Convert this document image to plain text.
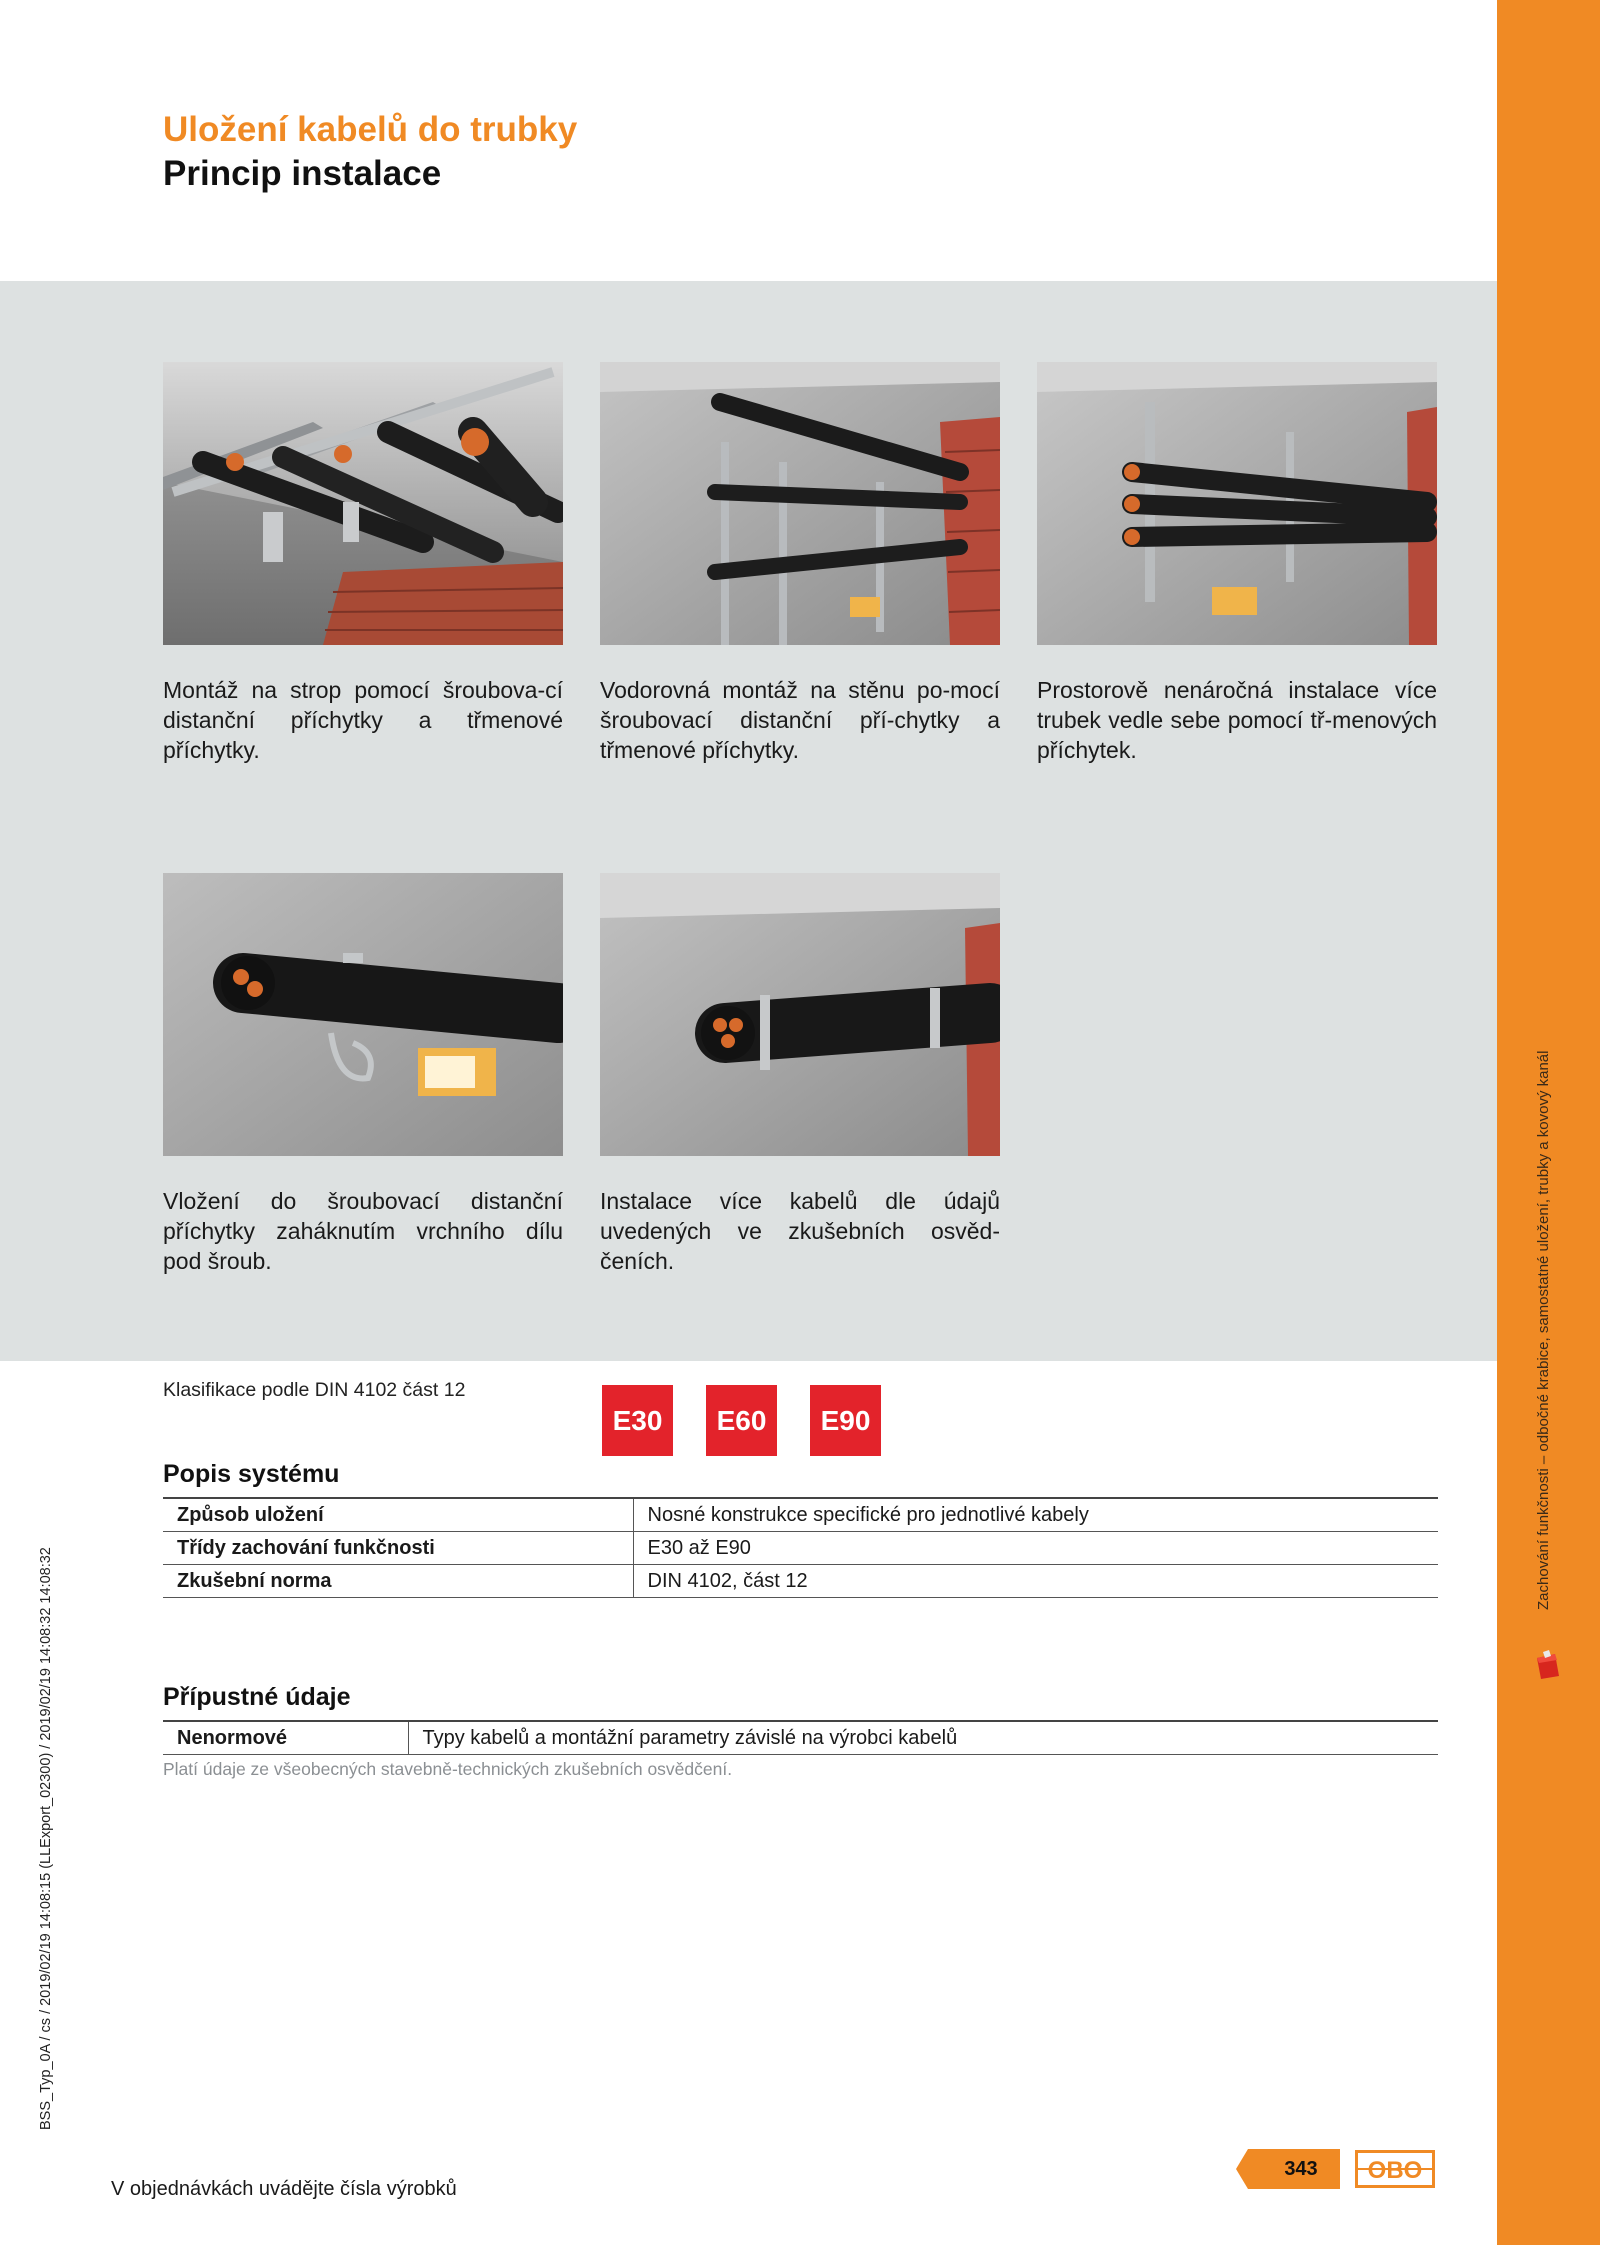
Zachování funkčnosti – odbočné krabice, samostatné uložení, trubky a kovový kanál
BSS_Typ_0A / cs / 2019/02/19 14:08:15 (LLExport_02300) / 2019/02/19 14:08:32 14:08:32
Uložení kabelů do trubky
Princip instalace
Montáž na strop pomocí šroubova-cí distanční příchytky a třmenové příchytky.
Vodorovná montáž na stěnu po-mocí šroubovací distanční pří-chytky a třmenové příchytky.
Prostorově nenáročná instalace více trubek vedle sebe pomocí tř-menových příchytek.
Vložení do šroubovací distanční příchytky zaháknutím vrchního dílu pod šroub.
Instalace více kabelů dle údajů uvedených ve zkušebních osvěd-čeních.
Klasifikace podle DIN 4102 část 12
E30	E60	E90
Popis systému
Způsob uložení	Nosné konstrukce specifické pro jednotlivé kabely
Třídy zachování funkčnosti	E30 až E90
Zkušební norma	DIN 4102, část 12
Přípustné údaje
Nenormové	Typy kabelů a montážní parametry závislé na výrobci kabelů
Platí údaje ze všeobecných stavebně-technických zkušebních osvědčení.
V objednávkách uvádějte čísla výrobků
343	OBO
